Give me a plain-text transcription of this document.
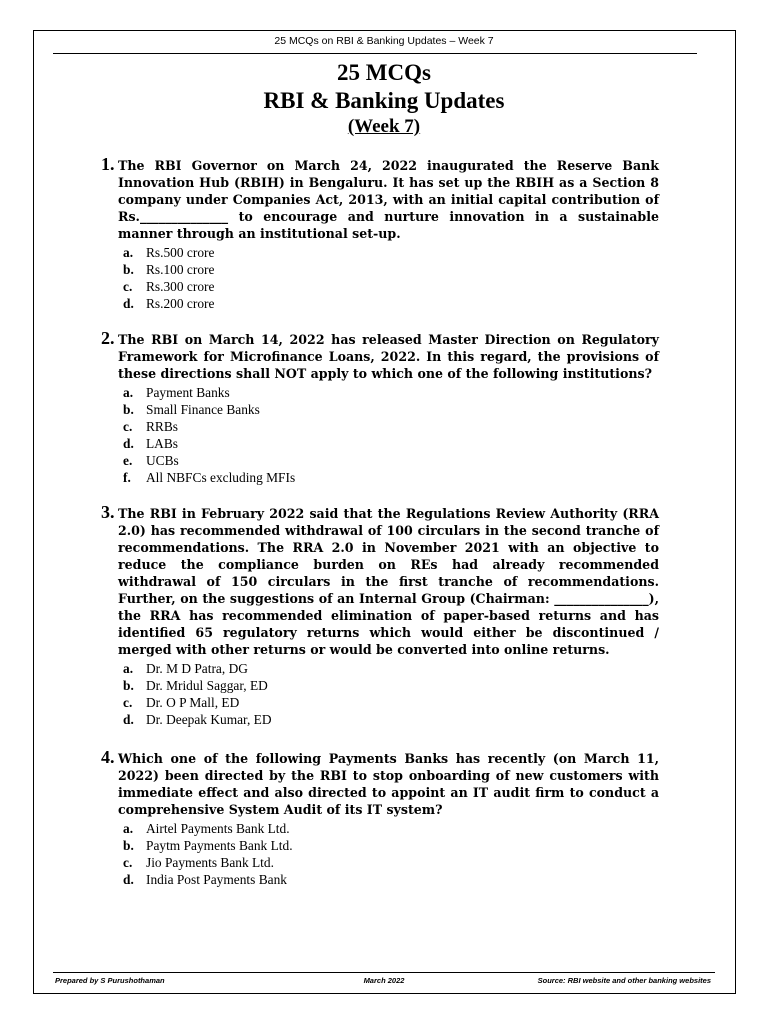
25 MCQs on RBI & Banking Updates – Week 7
25 MCQs
RBI & Banking Updates
(Week 7)
1. The RBI Governor on March 24, 2022 inaugurated the Reserve Bank Innovation Hub (RBIH) in Bengaluru. It has set up the RBIH as a Section 8 company under Companies Act, 2013, with an initial capital contribution of Rs.______________ to encourage and nurture innovation in a sustainable manner through an institutional set-up.
a. Rs.500 crore
b. Rs.100 crore
c. Rs.300 crore
d. Rs.200 crore
2. The RBI on March 14, 2022 has released Master Direction on Regulatory Framework for Microfinance Loans, 2022. In this regard, the provisions of these directions shall NOT apply to which one of the following institutions?
a. Payment Banks
b. Small Finance Banks
c. RRBs
d. LABs
e. UCBs
f. All NBFCs excluding MFIs
3. The RBI in February 2022 said that the Regulations Review Authority (RRA 2.0) has recommended withdrawal of 100 circulars in the second tranche of recommendations. The RRA 2.0 in November 2021 with an objective to reduce the compliance burden on REs had already recommended withdrawal of 150 circulars in the first tranche of recommendations. Further, on the suggestions of an Internal Group (Chairman: _______________), the RRA has recommended elimination of paper-based returns and has identified 65 regulatory returns which would either be discontinued / merged with other returns or would be converted into online returns.
a. Dr. M D Patra, DG
b. Dr. Mridul Saggar, ED
c. Dr. O P Mall, ED
d. Dr. Deepak Kumar, ED
4. Which one of the following Payments Banks has recently (on March 11, 2022) been directed by the RBI to stop onboarding of new customers with immediate effect and also directed to appoint an IT audit firm to conduct a comprehensive System Audit of its IT system?
a. Airtel Payments Bank Ltd.
b. Paytm Payments Bank Ltd.
c. Jio Payments Bank Ltd.
d. India Post Payments Bank
Prepared by S Purushothaman	March 2022	Source: RBI website and other banking websites
